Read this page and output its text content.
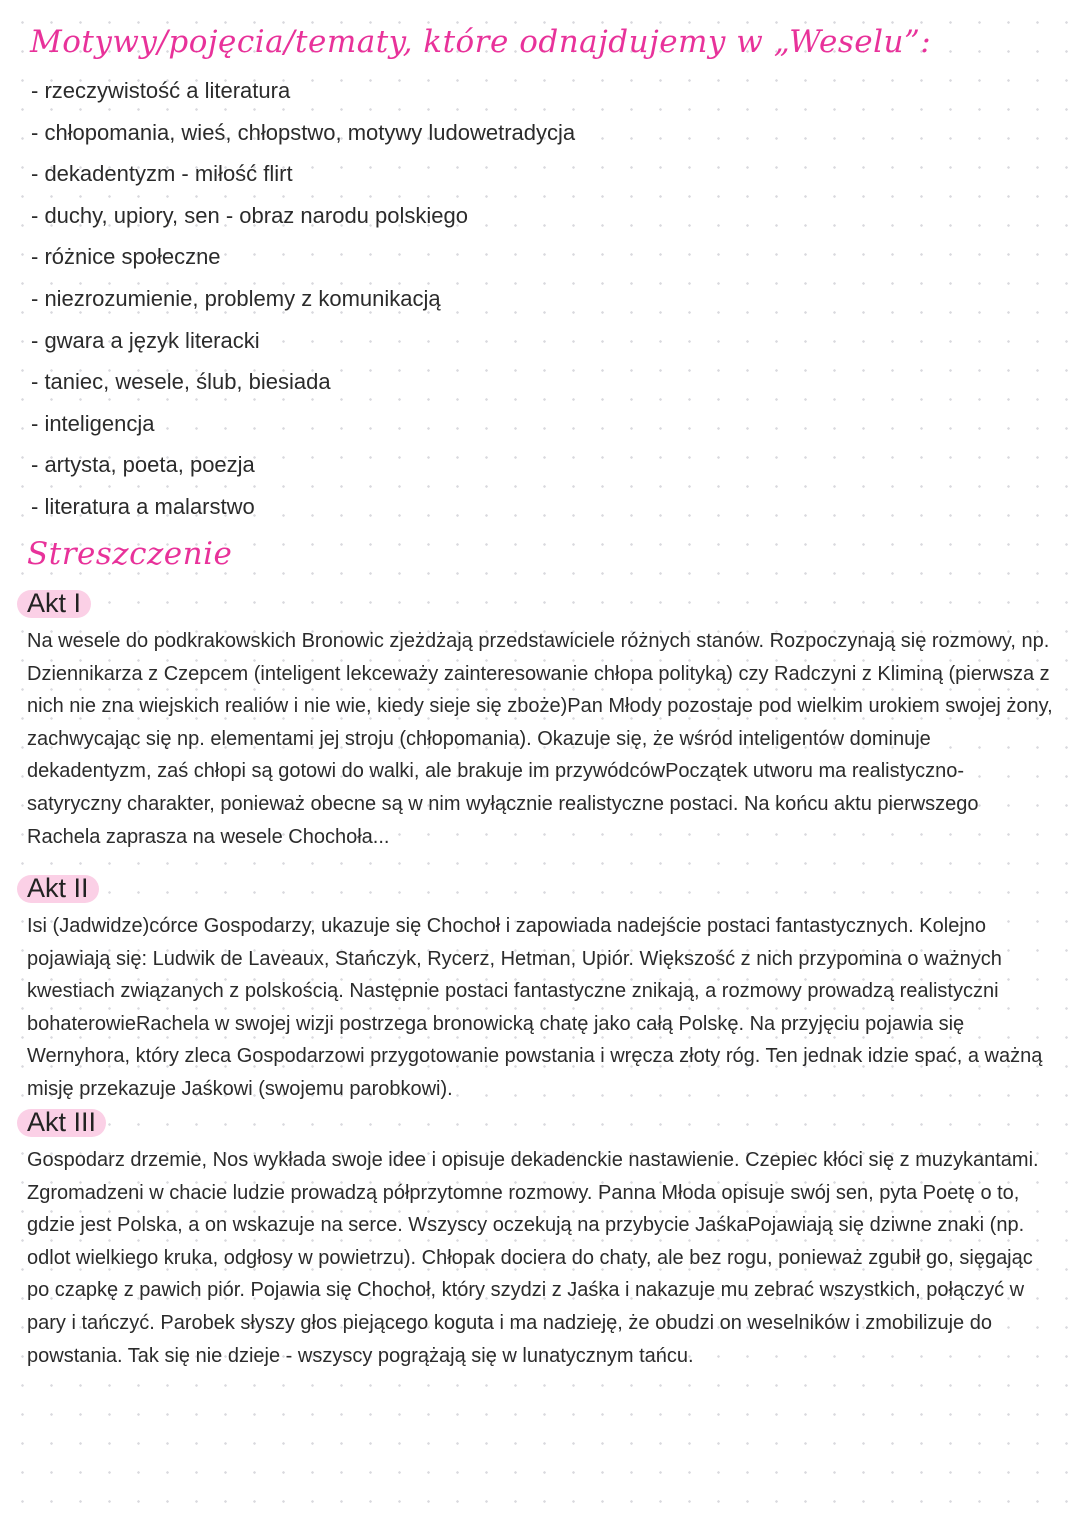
Motywy/pojęcia/tematy, które odnajdujemy w „Weselu”:
- rzeczywistość a literatura
- chłopomania, wieś, chłopstwo, motywy ludowetradycja
- dekadentyzm - miłość flirt
- duchy, upiory, sen - obraz narodu polskiego
- różnice społeczne
- niezrozumienie, problemy z komunikacją
- gwara a język literacki
- taniec, wesele, ślub, biesiada
- inteligencja
- artysta, poeta, poezja
- literatura a malarstwo
Streszczenie
Akt I

Na wesele do podkrakowskich Bronowic zjeżdżają przedstawiciele różnych stanów. Rozpoczynają się rozmowy, np. Dziennikarza z Czepcem (inteligent lekceważy zainteresowanie chłopa polityką) czy Radczyni z Kliminą (pierwsza z nich nie zna wiejskich realiów i nie wie, kiedy sieje się zboże)Pan Młody pozostaje pod wielkim urokiem swojej żony, zachwycając się np. elementami jej stroju (chłopomania). Okazuje się, że wśród inteligentów dominuje dekadentyzm, zaś chłopi są gotowi do walki, ale brakuje im przywódcówPoczątek utworu ma realistyczno-satyryczny charakter, ponieważ obecne są w nim wyłącznie realistyczne postaci. Na końcu aktu pierwszego Rachela zaprasza na wesele Chochoła...

Akt II

Isi (Jadwidze)córce Gospodarzy, ukazuje się Chochoł i zapowiada nadejście postaci fantastycznych. Kolejno pojawiają się: Ludwik de Laveaux, Stańczyk, Rycerz, Hetman, Upiór. Większość z nich przypomina o ważnych kwestiach związanych z polskością. Następnie postaci fantastyczne znikają, a rozmowy prowadzą realistyczni bohaterowieRachela w swojej wizji postrzega bronowicką chatę jako całą Polskę. Na przyjęciu pojawia się Wernyhora, który zleca Gospodarzowi przygotowanie powstania i wręcza złoty róg. Ten jednak idzie spać, a ważną misję przekazuje Jaśkowi (swojemu parobkowi).

Akt III

Gospodarz drzemie, Nos wykłada swoje idee i opisuje dekadenckie nastawienie. Czepiec kłóci się z muzykantami. Zgromadzeni w chacie ludzie prowadzą półprzytomne rozmowy. Panna Młoda opisuje swój sen, pyta Poetę o to, gdzie jest Polska, a on wskazuje na serce. Wszyscy oczekują na przybycie JaśkaPojawiają się dziwne znaki (np. odlot wielkiego kruka, odgłosy w powietrzu). Chłopak dociera do chaty, ale bez rogu, ponieważ zgubił go, sięgając po czapkę z pawich piór. Pojawia się Chochoł, który szydzi z Jaśka i nakazuje mu zebrać wszystkich, połączyć w pary i tańczyć. Parobek słyszy głos piejącego koguta i ma nadzieję, że obudzi on weselników i zmobilizuje do powstania. Tak się nie dzieje - wszyscy pogrążają się w lunatycznym tańcu.
